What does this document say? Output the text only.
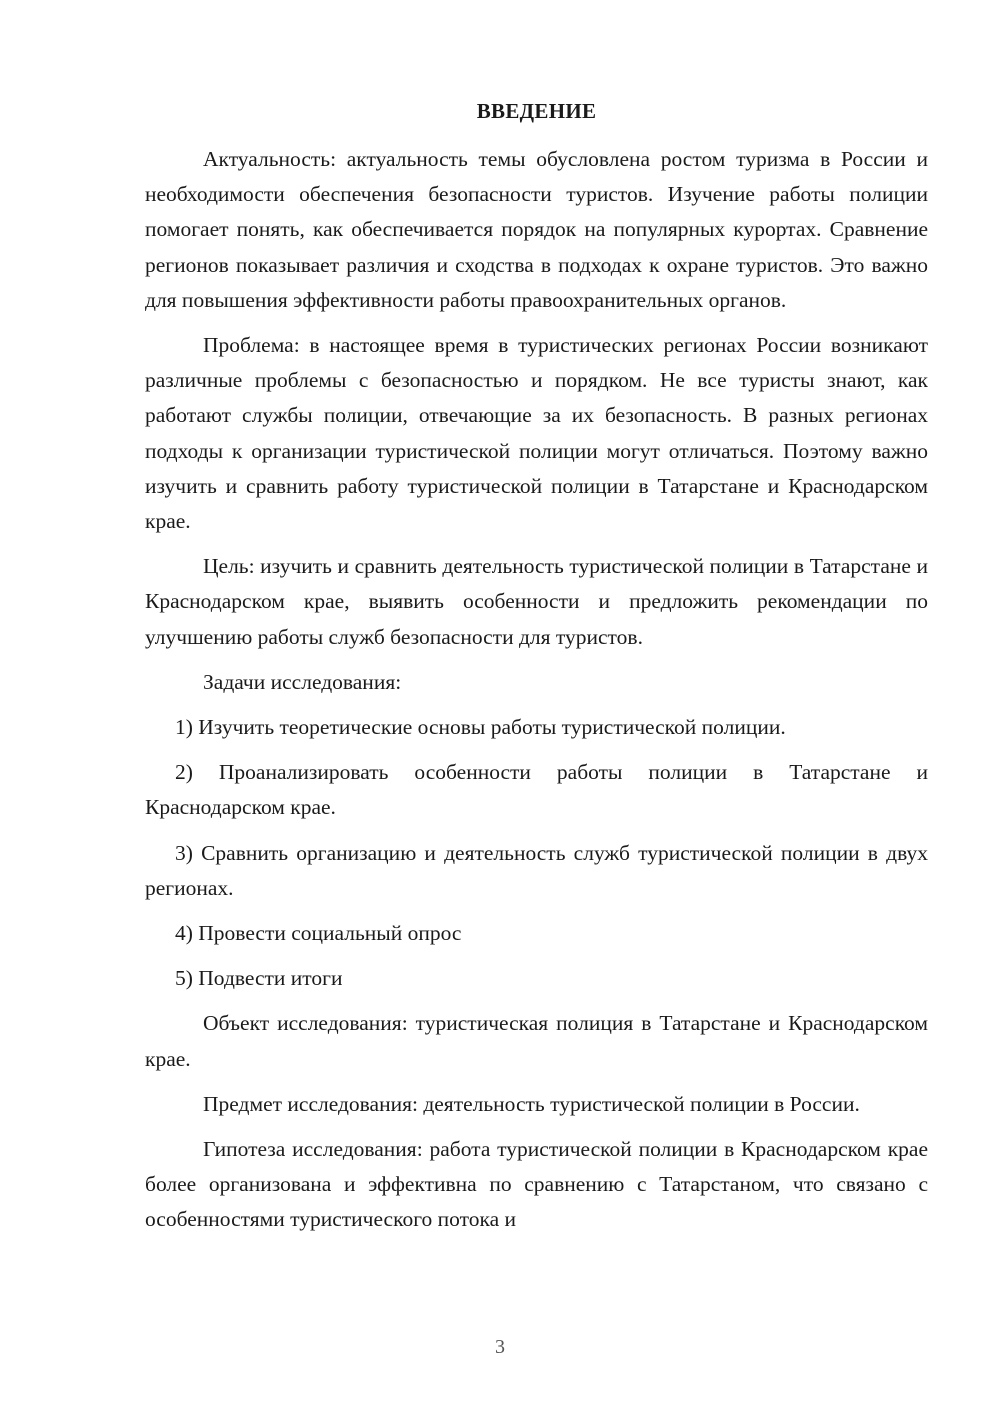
ВВЕДЕНИЕ

Актуальность: актуальность темы обусловлена ростом туризма в России и необходимости обеспечения безопасности туристов. Изучение работы полиции помогает понять, как обеспечивается порядок на популярных курортах. Сравнение регионов показывает различия и сходства в подходах к охране туристов. Это важно для повышения эффективности работы правоохранительных органов.

Проблема: в настоящее время в туристических регионах России возникают различные проблемы с безопасностью и порядком. Не все туристы знают, как работают службы полиции, отвечающие за их безопасность. В разных регионах подходы к организации туристической полиции могут отличаться. Поэтому важно изучить и сравнить работу туристической полиции в Татарстане и Краснодарском крае.

Цель: изучить и сравнить деятельность туристической полиции в Татарстане и Краснодарском крае, выявить особенности и предложить рекомендации по улучшению работы служб безопасности для туристов.

Задачи исследования:

1) Изучить теоретические основы работы туристической полиции.

2) Проанализировать особенности работы полиции в Татарстане и Краснодарском крае.

3) Сравнить организацию и деятельность служб туристической полиции в двух регионах.

4) Провести социальный опрос

5) Подвести итоги

Объект исследования: туристическая полиция в Татарстане и Краснодарском крае.

Предмет исследования: деятельность туристической полиции в России.

Гипотеза исследования: работа туристической полиции в Краснодарском крае более организована и эффективна по сравнению с Татарстаном, что связано с особенностями туристического потока и

3
